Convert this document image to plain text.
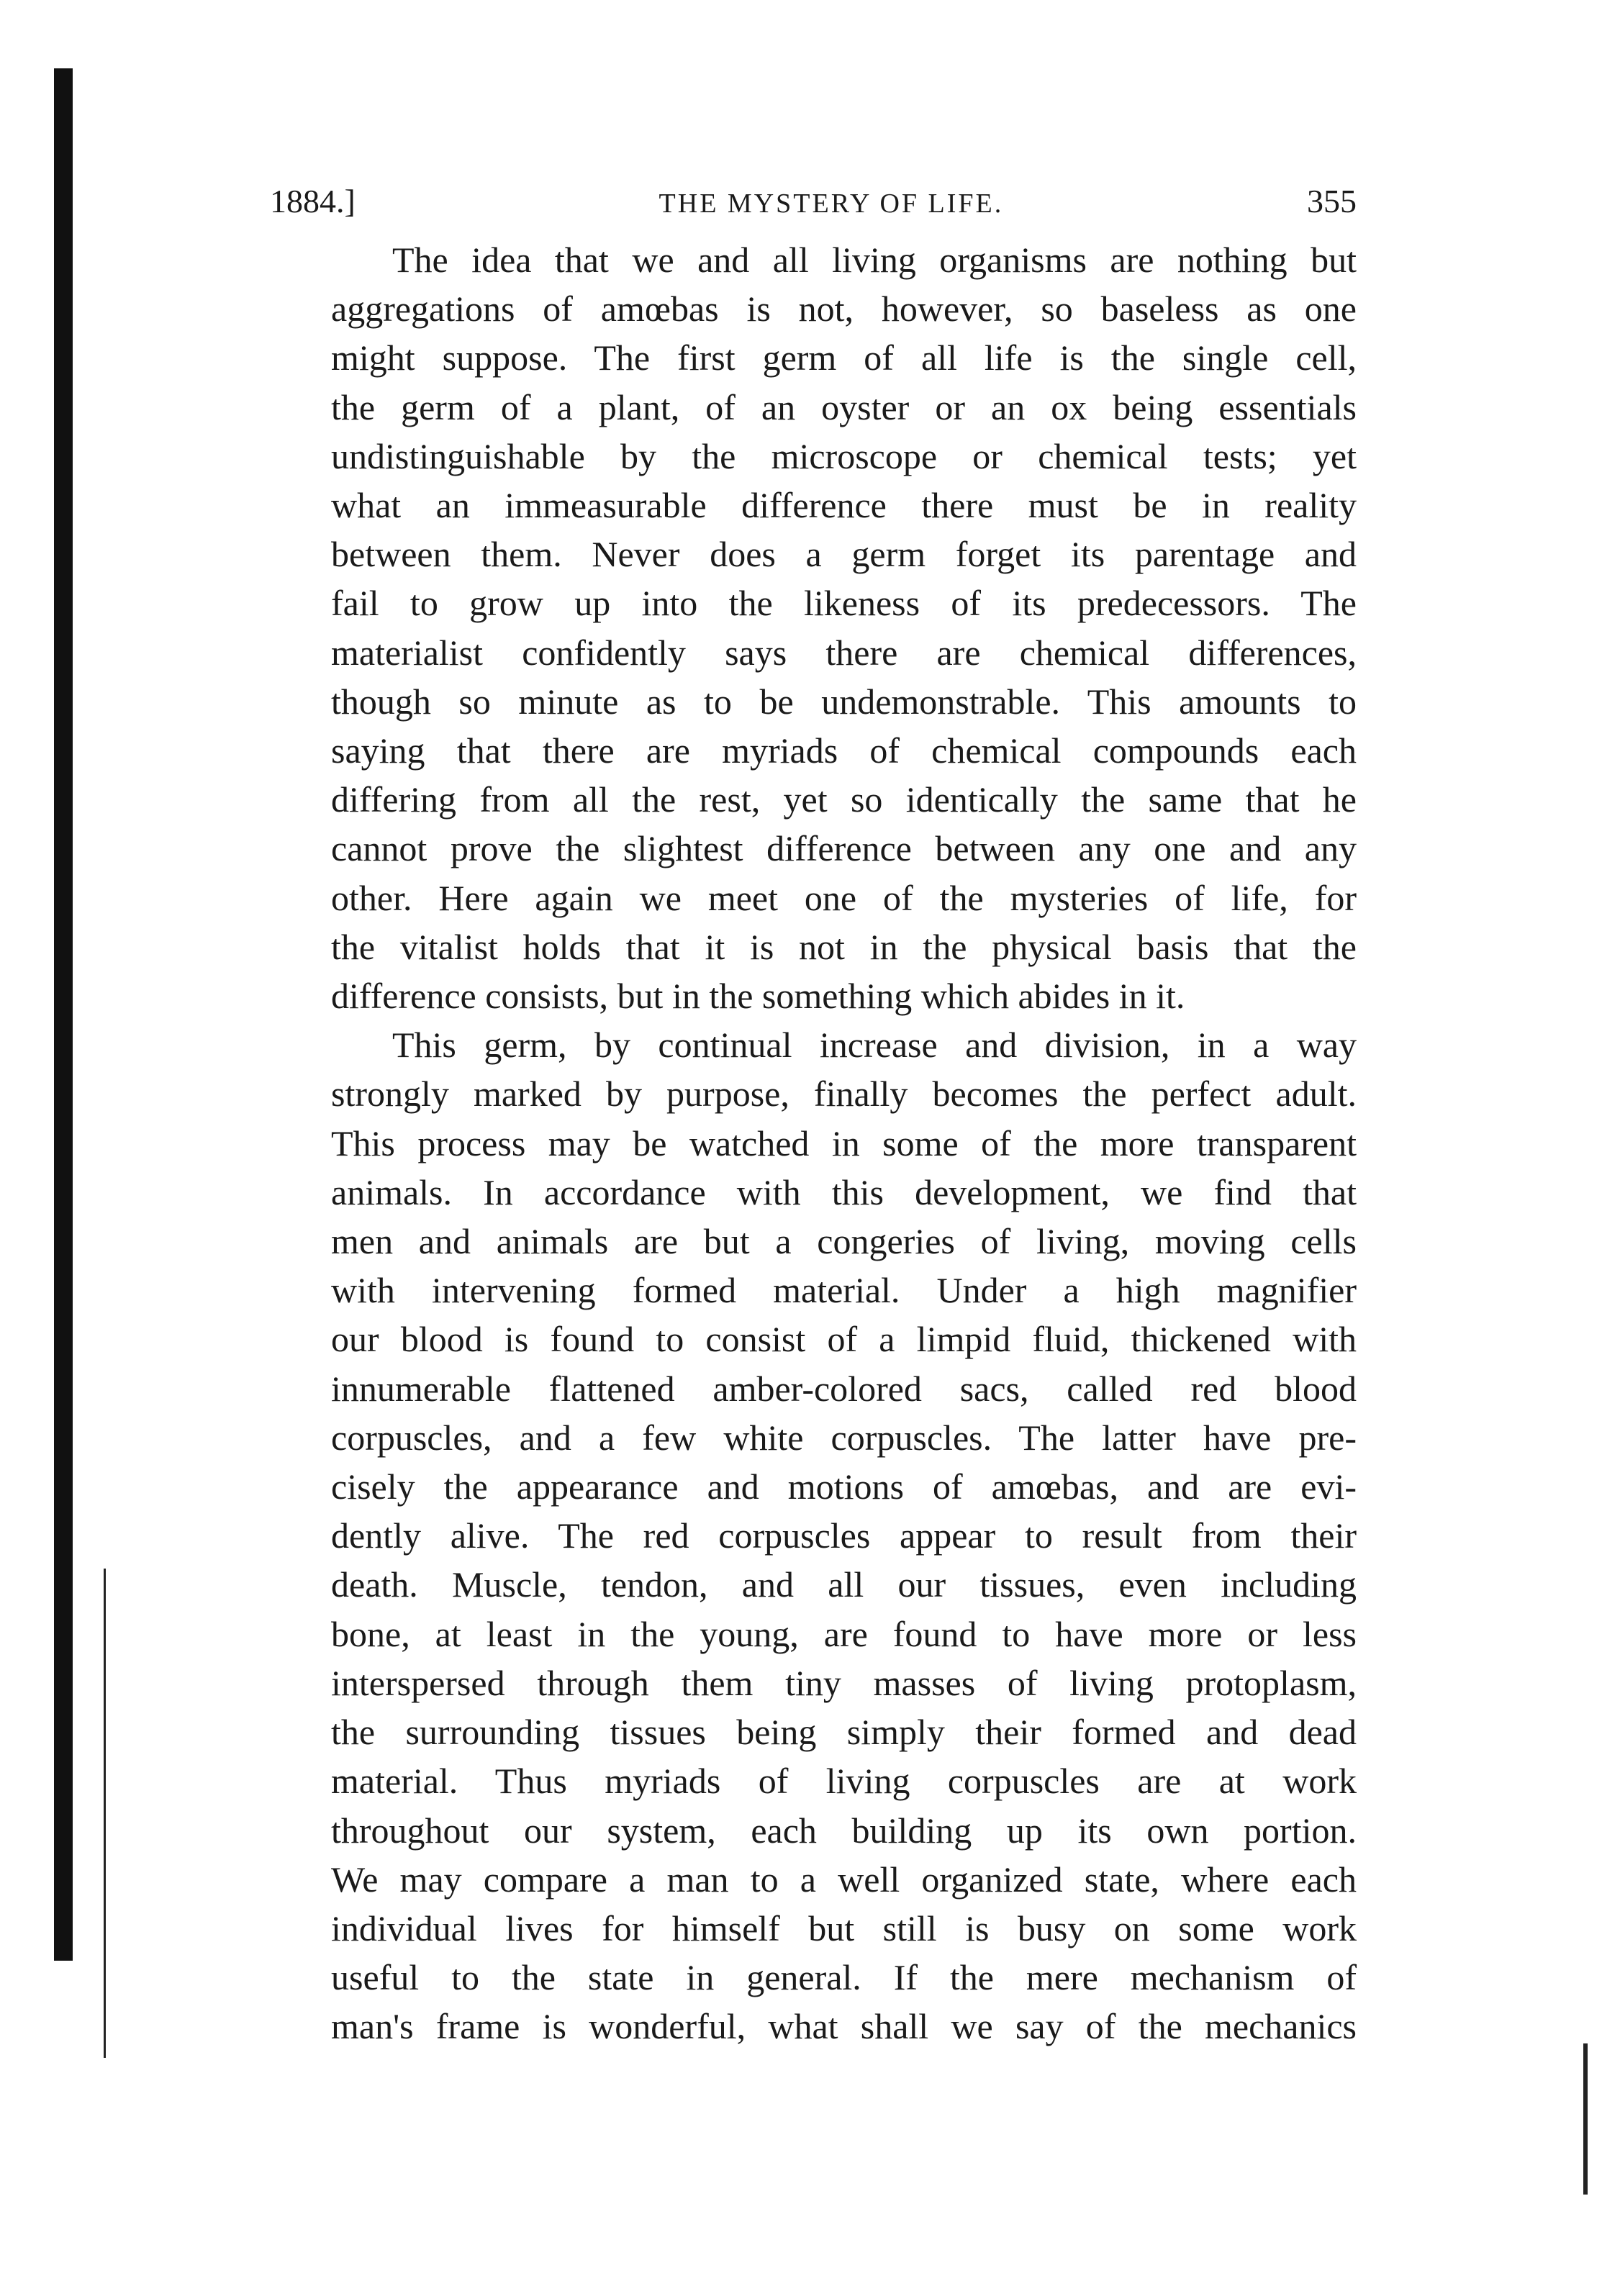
1884.]	THE MYSTERY OF LIFE.	355
The idea that we and all living organisms are nothing but
aggregations of amœbas is not, however, so baseless as one
might suppose. The first germ of all life is the single cell,
the germ of a plant, of an oyster or an ox being essentials
undistinguishable by the microscope or chemical tests; yet
what an immeasurable difference there must be in reality
between them. Never does a germ forget its parentage and
fail to grow up into the likeness of its predecessors. The
materialist confidently says there are chemical differences,
though so minute as to be undemonstrable. This amounts to
saying that there are myriads of chemical compounds each
differing from all the rest, yet so identically the same that he
cannot prove the slightest difference between any one and any
other. Here again we meet one of the mysteries of life, for
the vitalist holds that it is not in the physical basis that the
difference consists, but in the something which abides in it.
This germ, by continual increase and division, in a way
strongly marked by purpose, finally becomes the perfect adult.
This process may be watched in some of the more transparent
animals. In accordance with this development, we find that
men and animals are but a congeries of living, moving cells
with intervening formed material. Under a high magnifier
our blood is found to consist of a limpid fluid, thickened with
innumerable flattened amber-colored sacs, called red blood
corpuscles, and a few white corpuscles. The latter have pre-
cisely the appearance and motions of amœbas, and are evi-
dently alive. The red corpuscles appear to result from their
death. Muscle, tendon, and all our tissues, even including
bone, at least in the young, are found to have more or less
interspersed through them tiny masses of living protoplasm,
the surrounding tissues being simply their formed and dead
material. Thus myriads of living corpuscles are at work
throughout our system, each building up its own portion.
We may compare a man to a well organized state, where each
individual lives for himself but still is busy on some work
useful to the state in general. If the mere mechanism of
man's frame is wonderful, what shall we say of the mechanics
